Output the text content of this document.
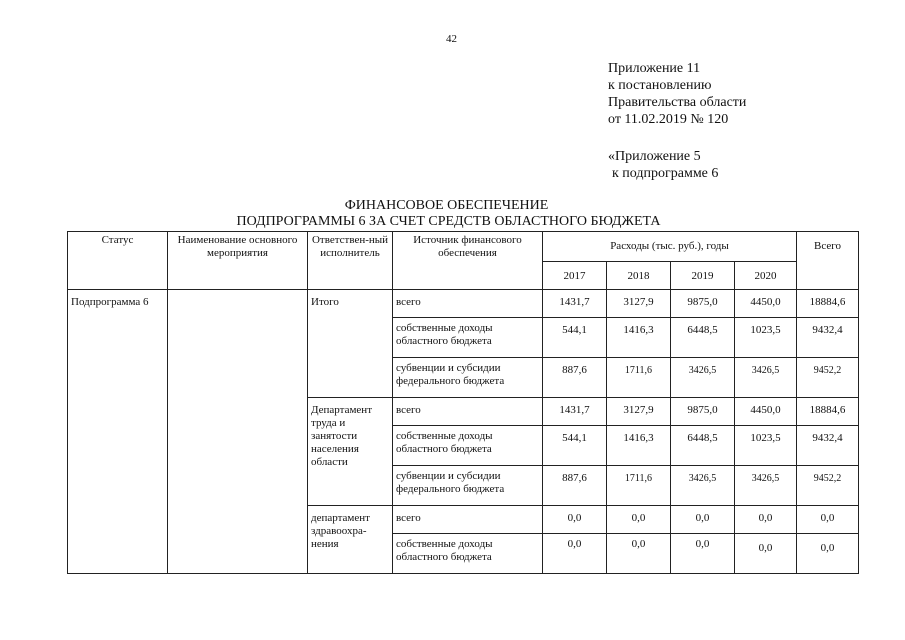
42
Приложение 11
к постановлению
Правительства области
от 11.02.2019 № 120
«Приложение 5
к подпрограмме 6
ФИНАНСОВОЕ ОБЕСПЕЧЕНИЕ
ПОДПРОГРАММЫ 6 ЗА СЧЕТ СРЕДСТВ ОБЛАСТНОГО БЮДЖЕТА
Статус	Наименование основного мероприятия	Ответствен-ный исполнитель	Источник финансового обеспечения	Расходы (тыс. руб.), годы				Всего
				2017	2018	2019	2020	
Подпрограмма 6		Итого	всего	1431,7	3127,9	9875,0	4450,0	18884,6
			собственные доходы областного бюджета	544,1	1416,3	6448,5	1023,5	9432,4
			субвенции и субсидии федерального бюджета	887,6	1711,6	3426,5	3426,5	9452,2
		Департамент труда и занятости населения области	всего	1431,7	3127,9	9875,0	4450,0	18884,6
			собственные доходы областного бюджета	544,1	1416,3	6448,5	1023,5	9432,4
			субвенции и субсидии федерального бюджета	887,6	1711,6	3426,5	3426,5	9452,2
		департамент здравоохра-нения	всего	0,0	0,0	0,0	0,0	0,0
			собственные доходы областного бюджета	0,0	0,0	0,0	0,0	0,0
